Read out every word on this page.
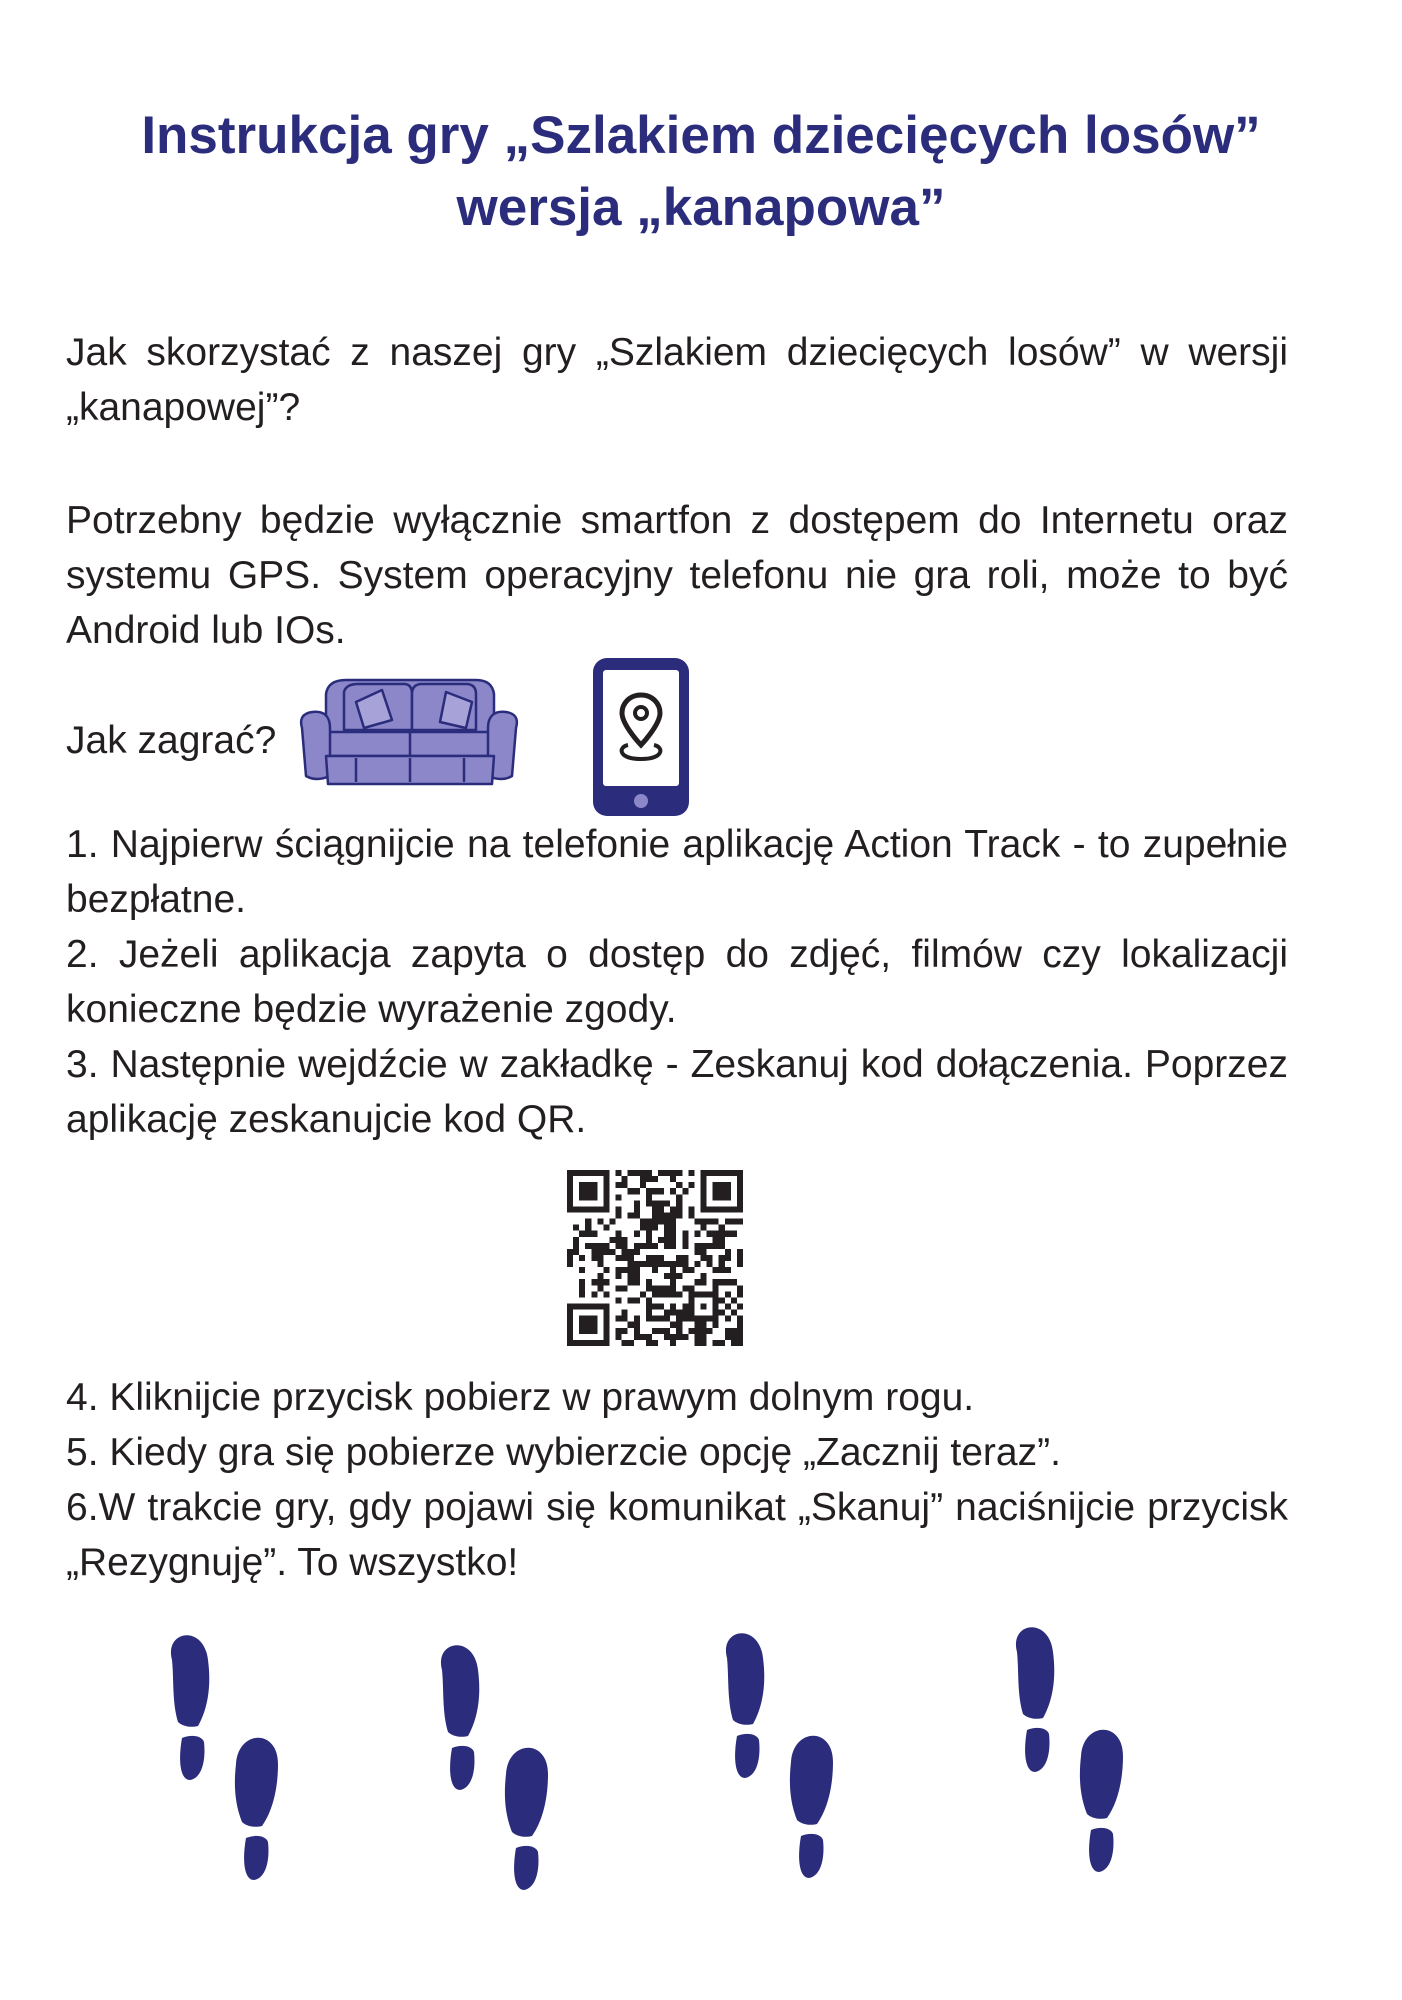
Instrukcja gry „Szlakiem dziecięcych losów”
wersja „kanapowa”
Jak skorzystać z naszej gry „Szlakiem dziecięcych losów” w wersji „kanapowej”?
Potrzebny będzie wyłącznie smartfon z dostępem do Internetu oraz systemu GPS. System operacyjny telefonu nie gra roli, może to być Android lub IOs.
Jak zagrać?
1. Najpierw ściągnijcie na telefonie aplikację Action Track - to zupełnie bezpłatne.
2. Jeżeli aplikacja zapyta o dostęp do zdjęć, filmów czy lokalizacji konieczne będzie wyrażenie zgody.
3. Następnie wejdźcie w zakładkę - Zeskanuj kod dołączenia. Poprzez aplikację zeskanujcie kod QR.
4. Kliknijcie przycisk pobierz w prawym dolnym rogu.
5. Kiedy gra się pobierze wybierzcie opcję „Zacznij teraz”.
6.W trakcie gry, gdy pojawi się komunikat „Skanuj” naciśnijcie przycisk „Rezygnuję”. To wszystko!
